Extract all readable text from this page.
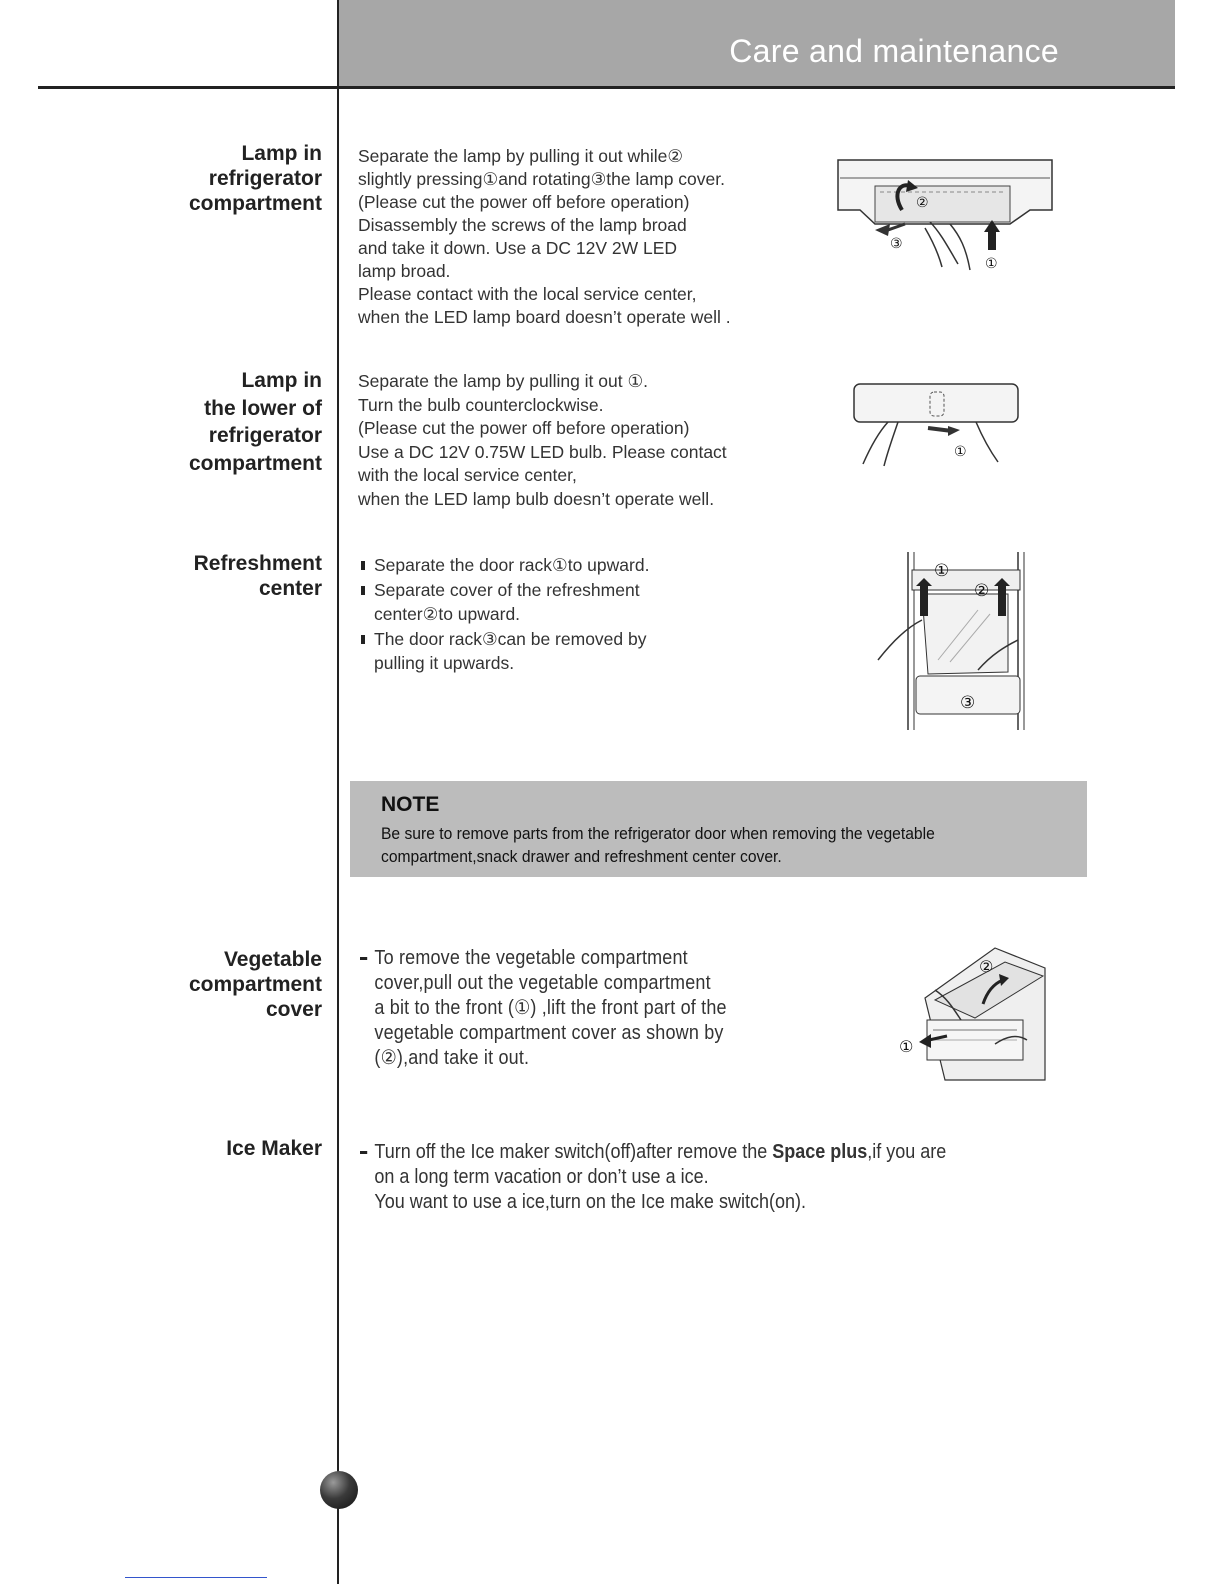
Care and maintenance
Lamp in
refrigerator
compartment
Separate the lamp by pulling it out while②
slightly pressing①and rotating③the lamp cover.
(Please cut the power off before operation)
Disassembly the screws of the lamp broad
and take it down. Use a DC 12V 2W LED
lamp broad.
Please contact with the local service center,
when the LED lamp board doesn’t operate well .
②
③
①
Lamp in
the lower of
refrigerator
compartment
Separate the lamp by pulling it out ①.
Turn the bulb counterclockwise.
(Please cut the power off before operation)
Use a DC 12V 0.75W LED bulb. Please contact
with the local service center,
when the LED lamp bulb doesn’t operate well.
①
Refreshment
center
Separate the door rack①to upward.
Separate cover of the refreshment
center②to upward.
The door rack③can be removed by
pulling it upwards.
①
②
③
NOTE
Be sure to remove parts from the refrigerator door when removing the vegetable compartment,snack drawer and refreshment center cover.
Vegetable
compartment
cover
To remove the vegetable compartment
cover,pull out the vegetable compartment
a bit to the front (①) ,lift the front part of the
vegetable compartment cover as shown by
(②),and take it out.
②
①
Ice Maker	Turn off the Ice maker switch(off)after remove the Space plus,if you are
on a long term vacation or don’t use a ice.
You want to use a ice,turn on the Ice make switch(on).
